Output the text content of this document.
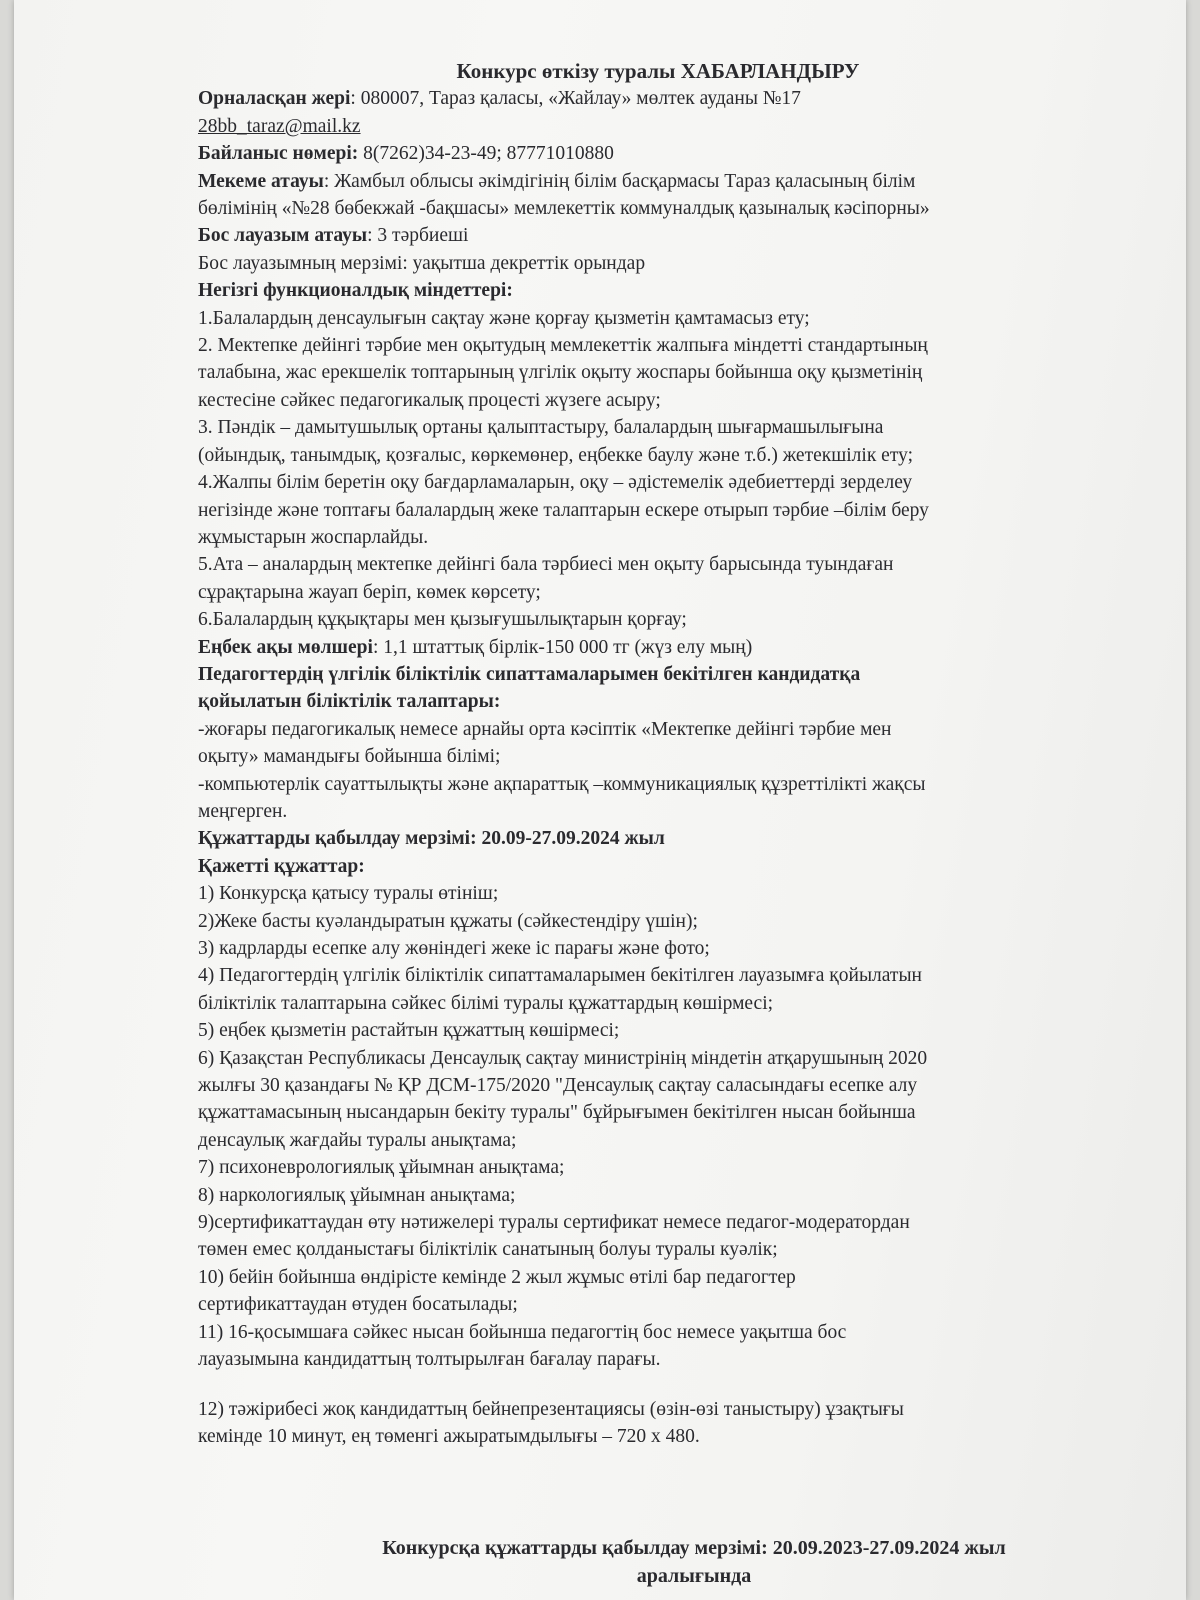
Конкурс өткізу туралы ХАБАРЛАНДЫРУ
Орналасқан жері: 080007, Тараз қаласы, «Жайлау» мөлтек ауданы №17
28bb_taraz@mail.kz
Байланыс нөмері: 8(7262)34-23-49; 87771010880
Мекеме атауы: Жамбыл облысы әкімдігінің білім басқармасы Тараз қаласының білім
бөлімінің «№28 бөбекжай -бақшасы» мемлекеттік коммуналдық қазыналық кәсіпорны»
Бос лауазым атауы: 3 тәрбиеші
Бос лауазымның мерзімі: уақытша декреттік орындар
Негізгі функционалдық міндеттері:
1.Балалардың денсаулығын сақтау және қорғау қызметін қамтамасыз ету;
2. Мектепке дейінгі тәрбие мен оқытудың мемлекеттік жалпыға міндетті стандартының
талабына, жас ерекшелік топтарының үлгілік оқыту жоспары бойынша оқу қызметінің
кестесіне сәйкес педагогикалық процесті жүзеге асыру;
3. Пәндік – дамытушылық ортаны қалыптастыру, балалардың шығармашылығына
(ойындық, танымдық, қозғалыс, көркемөнер, еңбекке баулу және т.б.) жетекшілік ету;
4.Жалпы білім беретін оқу бағдарламаларын, оқу – әдістемелік әдебиеттерді зерделеу
негізінде және топтағы балалардың жеке талаптарын ескере отырып тәрбие –білім беру
жұмыстарын жоспарлайды.
5.Ата – аналардың мектепке дейінгі бала тәрбиесі мен оқыту барысында туындаған
сұрақтарына жауап беріп, көмек көрсету;
6.Балалардың құқықтары мен қызығушылықтарын қорғау;
Еңбек ақы мөлшері: 1,1 штаттық бірлік-150 000 тг (жүз елу мың)
Педагогтердің үлгілік біліктілік сипаттамаларымен бекітілген кандидатқа
қойылатын біліктілік талаптары:
-жоғары педагогикалық немесе арнайы орта кәсіптік «Мектепке дейінгі тәрбие мен
оқыту» мамандығы бойынша білімі;
-компьютерлік сауаттылықты және ақпараттық –коммуникациялық құзреттілікті жақсы
меңгерген.
Құжаттарды қабылдау мерзімі: 20.09-27.09.2024 жыл
Қажетті құжаттар:
1) Конкурсқа қатысу туралы өтініш;
2)Жеке басты куәландыратын құжаты (сәйкестендіру үшін);
3) кадрларды есепке алу жөніндегі жеке іс парағы және фото;
4) Педагогтердің үлгілік біліктілік сипаттамаларымен бекітілген лауазымға қойылатын
біліктілік талаптарына сәйкес білімі туралы құжаттардың көшірмесі;
5) еңбек қызметін растайтын құжаттың көшірмесі;
6) Қазақстан Республикасы Денсаулық сақтау министрінің міндетін атқарушының 2020
жылғы 30 қазандағы № ҚР ДСМ-175/2020 "Денсаулық сақтау саласындағы есепке алу
құжаттамасының нысандарын бекіту туралы" бұйрығымен бекітілген нысан бойынша
денсаулық жағдайы туралы анықтама;
7) психоневрологиялық ұйымнан анықтама;
8) наркологиялық ұйымнан анықтама;
9)сертификаттаудан өту нәтижелері туралы сертификат немесе педагог-модератордан
төмен емес қолданыстағы біліктілік санатының болуы туралы куәлік;
10) бейін бойынша өндірісте кемінде 2 жыл жұмыс өтілі бар педагогтер
сертификаттаудан өтуден босатылады;
11) 16-қосымшаға сәйкес нысан бойынша педагогтің бос немесе уақытша бос
лауазымына кандидаттың толтырылған бағалау парағы.
12) тәжірибесі жоқ кандидаттың бейнепрезентациясы (өзін-өзі таныстыру) ұзақтығы
кемінде 10 минут, ең төменгі ажыратымдылығы – 720 х 480.
Конкурсқа құжаттарды қабылдау мерзімі: 20.09.2023-27.09.2024 жыл
аралығында
